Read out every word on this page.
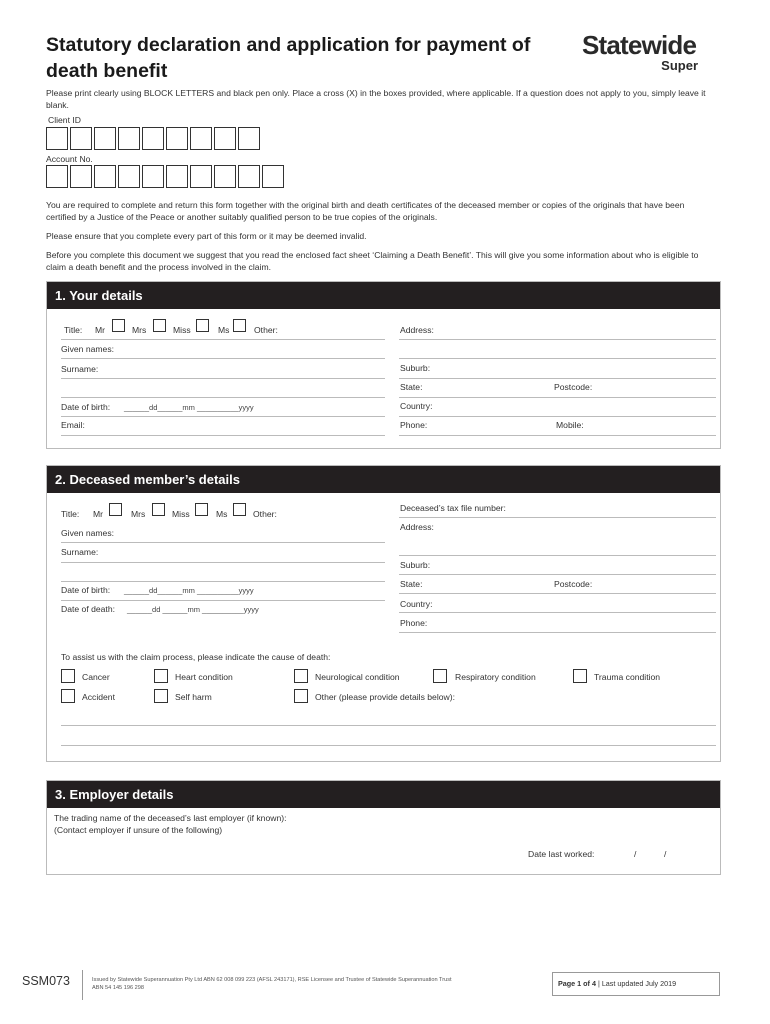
Statutory declaration and application for payment of death benefit
Statewide
Super
Please print clearly using BLOCK LETTERS and black pen only. Place a cross (X) in the boxes provided, where applicable. If a question does not apply to you, simply leave it blank.
Client ID
Account No.
You are required to complete and return this form together with the original birth and death certificates of the deceased member or copies of the originals that have been certified by a Justice of the Peace or another suitably qualified person to be true copies of the originals.
Please ensure that you complete every part of this form or it may be deemed invalid.
Before you complete this document we suggest that you read the enclosed fact sheet ‘Claiming a Death Benefit’. This will give you some information about who is eligible to claim a death benefit and the process involved in the claim.
1. Your details
Title: Mr	Mrs	Miss	Ms	Other:
Given names:
Surname:
Date of birth: ______dd______mm __________yyyy
Email:
Address:
Suburb:
State:	Postcode:
Country:
Phone:	Mobile:
2. Deceased member’s details
Title: Mr	Mrs	Miss	Ms	Other:
Given names:
Surname:
Date of birth: ______dd______mm __________yyyy
Date of death: ______dd ______mm __________yyyy
Deceased’s tax file number:
Address:
Suburb:
State:	Postcode:
Country:
Phone:
To assist us with the claim process, please indicate the cause of death:
Cancer	Heart condition	Neurological condition	Respiratory condition	Trauma condition
Accident	Self harm	Other (please provide details below):
3. Employer details
The trading name of the deceased’s last employer (if known):
(Contact employer if unsure of the following)
Date last worked:	/	/
SSM073	Issued by Statewide Superannuation Pty Ltd ABN 62 008 099 223 (AFSL 243171), RSE Licensee and Trustee of Statewide Superannuation Trust
ABN 54 145 196 298	Page 1 of 4 | Last updated July 2019
